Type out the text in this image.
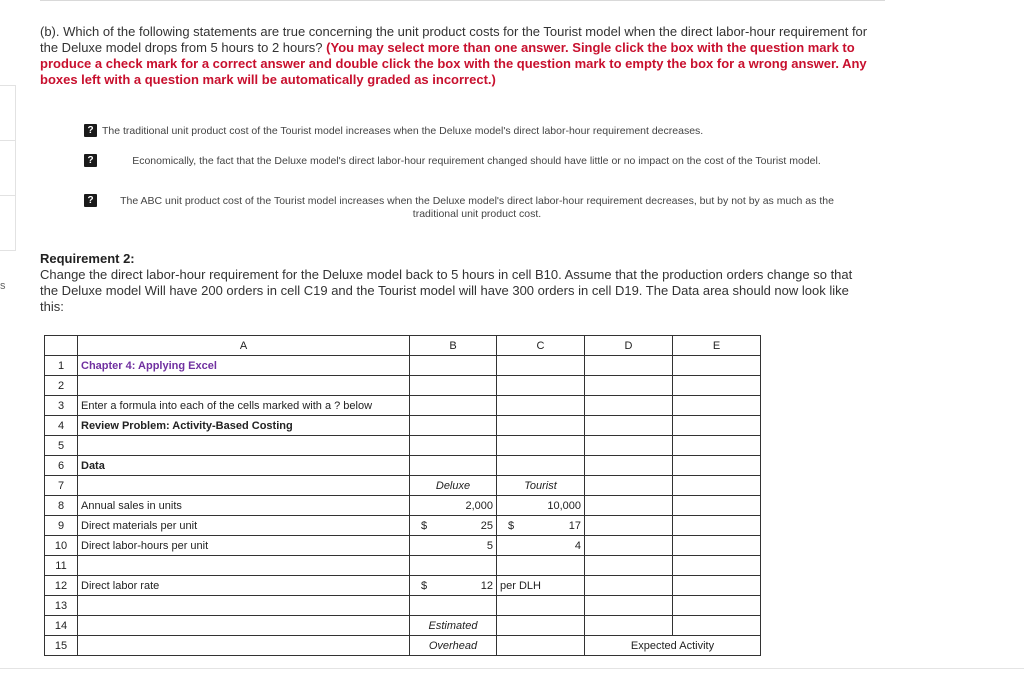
s
(b). Which of the following statements are true concerning the unit product costs for the Tourist model when the direct labor-hour requirement for the Deluxe model drops from 5 hours to 2 hours? (You may select more than one answer. Single click the box with the question mark to produce a check mark for a correct answer and double click the box with the question mark to empty the box for a wrong answer. Any boxes left with a question mark will be automatically graded as incorrect.)
? The traditional unit product cost of the Tourist model increases when the Deluxe model's direct labor-hour requirement decreases.
?	Economically, the fact that the Deluxe model's direct labor-hour requirement changed should have little or no impact on the cost of the Tourist model.
?	The ABC unit product cost of the Tourist model increases when the Deluxe model's direct labor-hour requirement decreases, but by not by as much as the traditional unit product cost.
Requirement 2:
Change the direct labor-hour requirement for the Deluxe model back to 5 hours in cell B10. Assume that the production orders change so that the Deluxe model Will have 200 orders in cell C19 and the Tourist model will have 300 orders in cell D19. The Data area should now look like this:
	A	B	C	D	E
1	Chapter 4: Applying Excel				
2					
3	Enter a formula into each of the cells marked with a ? below				
4	Review Problem: Activity-Based Costing				
5					
6	Data				
7		Deluxe	Tourist		
8	Annual sales in units	2,000	10,000		
9	Direct materials per unit	$ 25	$ 17		

10	Direct labor-hours per unit	5	4		
11					
12	Direct labor rate	$ 12	per DLH		
13					
14		Estimated			
15		Overhead		Expected Activity	
